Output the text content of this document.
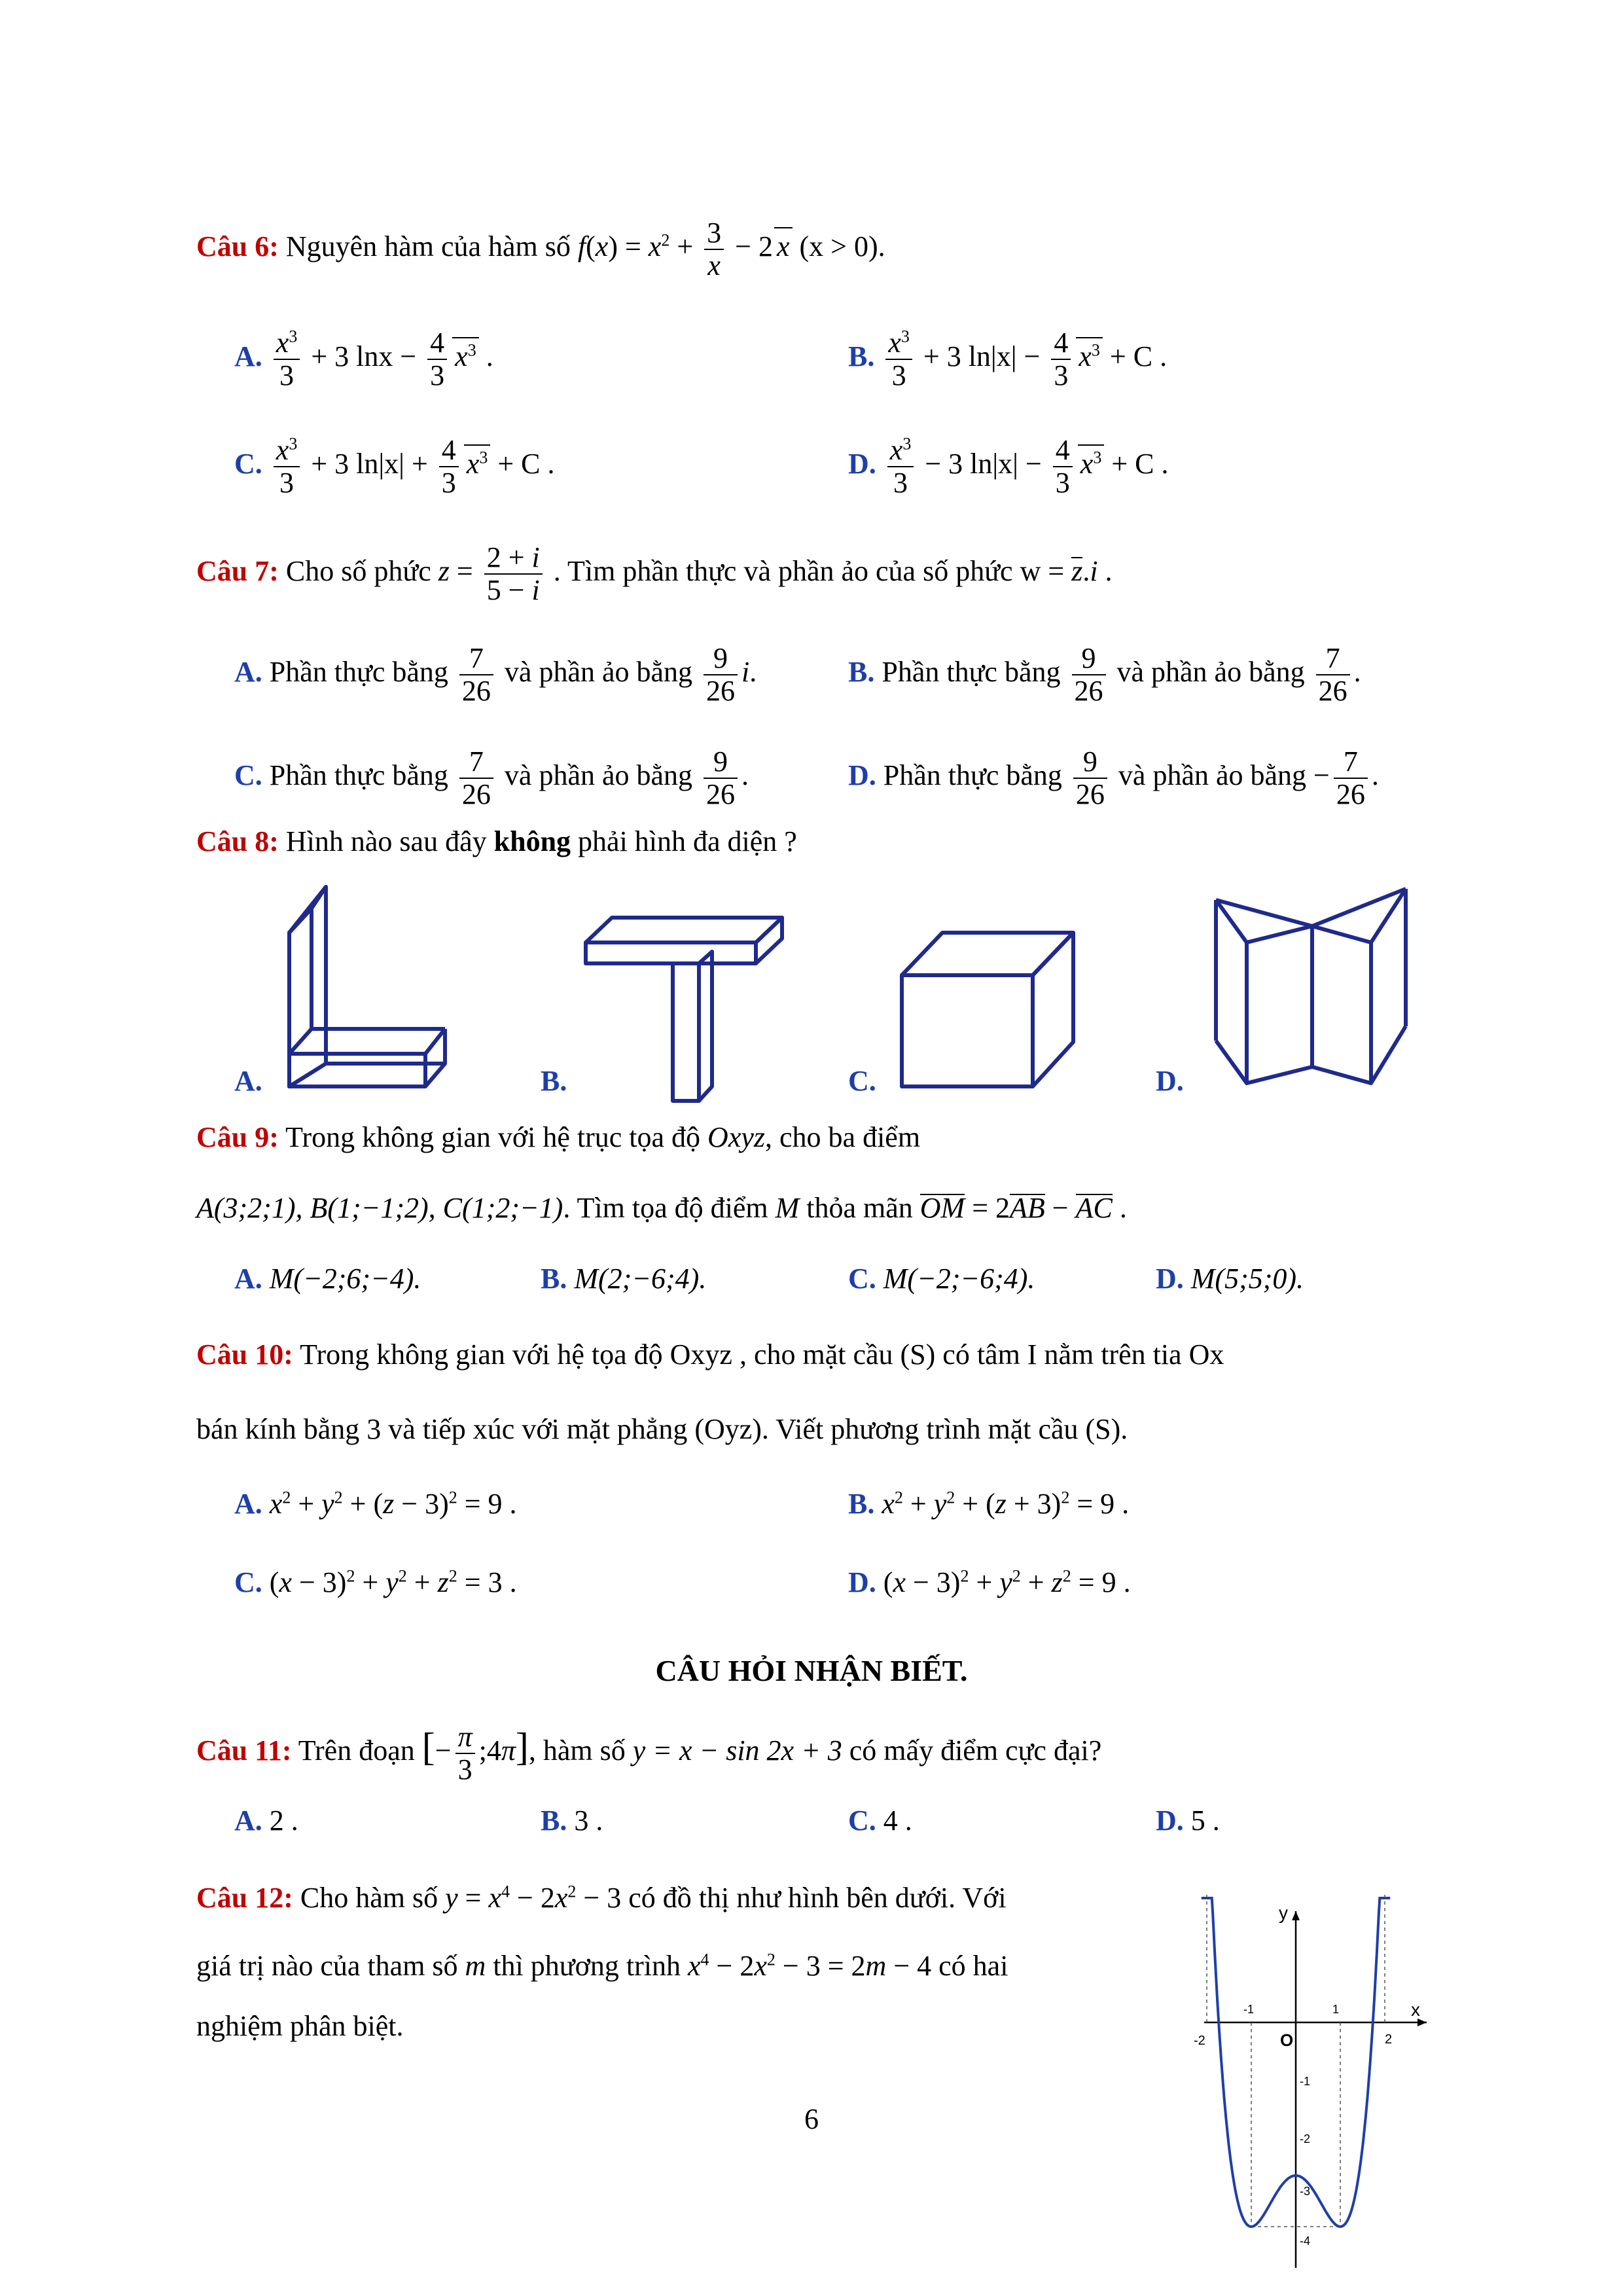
Câu 6: Nguyên hàm của hàm số $f(x) = x^2 + \frac{3}{x} - 2$ x (x > 0).
A. $\frac{x^3}{3} + 3$ $\ln x - \frac{4}{3} x^3$ .	B. $\frac{x^3}{3} + 3$ $\ln|x| - \frac{4}{3} x^3 + C$ .
C. $\frac{x^3}{3} + 3$ $\ln|x| + \frac{4}{3} x^3 + C$ .	D. $\frac{x^3}{3} - 3$ $\ln|x| - \frac{4}{3} x^3 + C$ .
Câu 7: Cho số phức $z = \frac{2 + i}{5 - i}$ . Tìm phần thực và phần ảo của số phức w = z.i .
A. Phần thực bằng $\frac{7}{26}$ và phần ảo bằng $\frac{9}{26} i$.	B. Phần thực bằng $\frac{9}{26}$ và phần ảo bằng $\frac{7}{26}$ .
C. Phần thực bằng $\frac{7}{26}$ và phần ảo bằng $\frac{9}{26}$ .	D. Phần thực bằng $\frac{9}{26}$ và phần ảo bằng − $\frac{7}{26}$ .
Câu 8: Hình nào sau đây không phải hình đa diện ?
A.	B.	C.	D.
Câu 9: Trong không gian với hệ trục tọa độ Oxyz, cho ba điểm
A(3;2;1), B(1;−1;2), C(1;2;−1). Tìm tọa độ điểm M thỏa mãn OM = 2AB − AC .
A. M(−2;6;−4).	B. M(2;−6;4).	C. M(−2;−6;4).	D. M(5;5;0).
Câu 10: Trong không gian với hệ tọa độ Oxyz , cho mặt cầu (S) có tâm I nằm trên tia Ox
bán kính bằng 3 và tiếp xúc với mặt phẳng (Oyz). Viết phương trình mặt cầu (S).
A. $x^2 + y^2 + (z - 3)^2 = 9$ .	B. $x^2 + y^2 + (z + 3)^2 = 9$ .
C. $(x - 3)^2 + y^2 + z^2 = 3$ .	D. $(x - 3)^2 + y^2 + z^2 = 9$ .
CÂU HỎI NHẬN BIẾT.
Câu 11: Trên đoạn [− $\frac{\pi}{3}$ ;4π], hàm số y = x − sin 2x + 3 có mấy điểm cực đại?
A. 2 .	B. 3 .	C. 4 .	D. 5 .
Câu 12: Cho hàm số $y = x^4 - 2x^2 - 3$ có đồ thị như hình bên dưới. Với
giá trị nào của tham số m thì phương trình $x^4 - 2x^2 - 3 = 2m - 4$ có hai
nghiệm phân biệt.
x
y
O
-2
-1	1
2
-1
-2
-3
-4
6
